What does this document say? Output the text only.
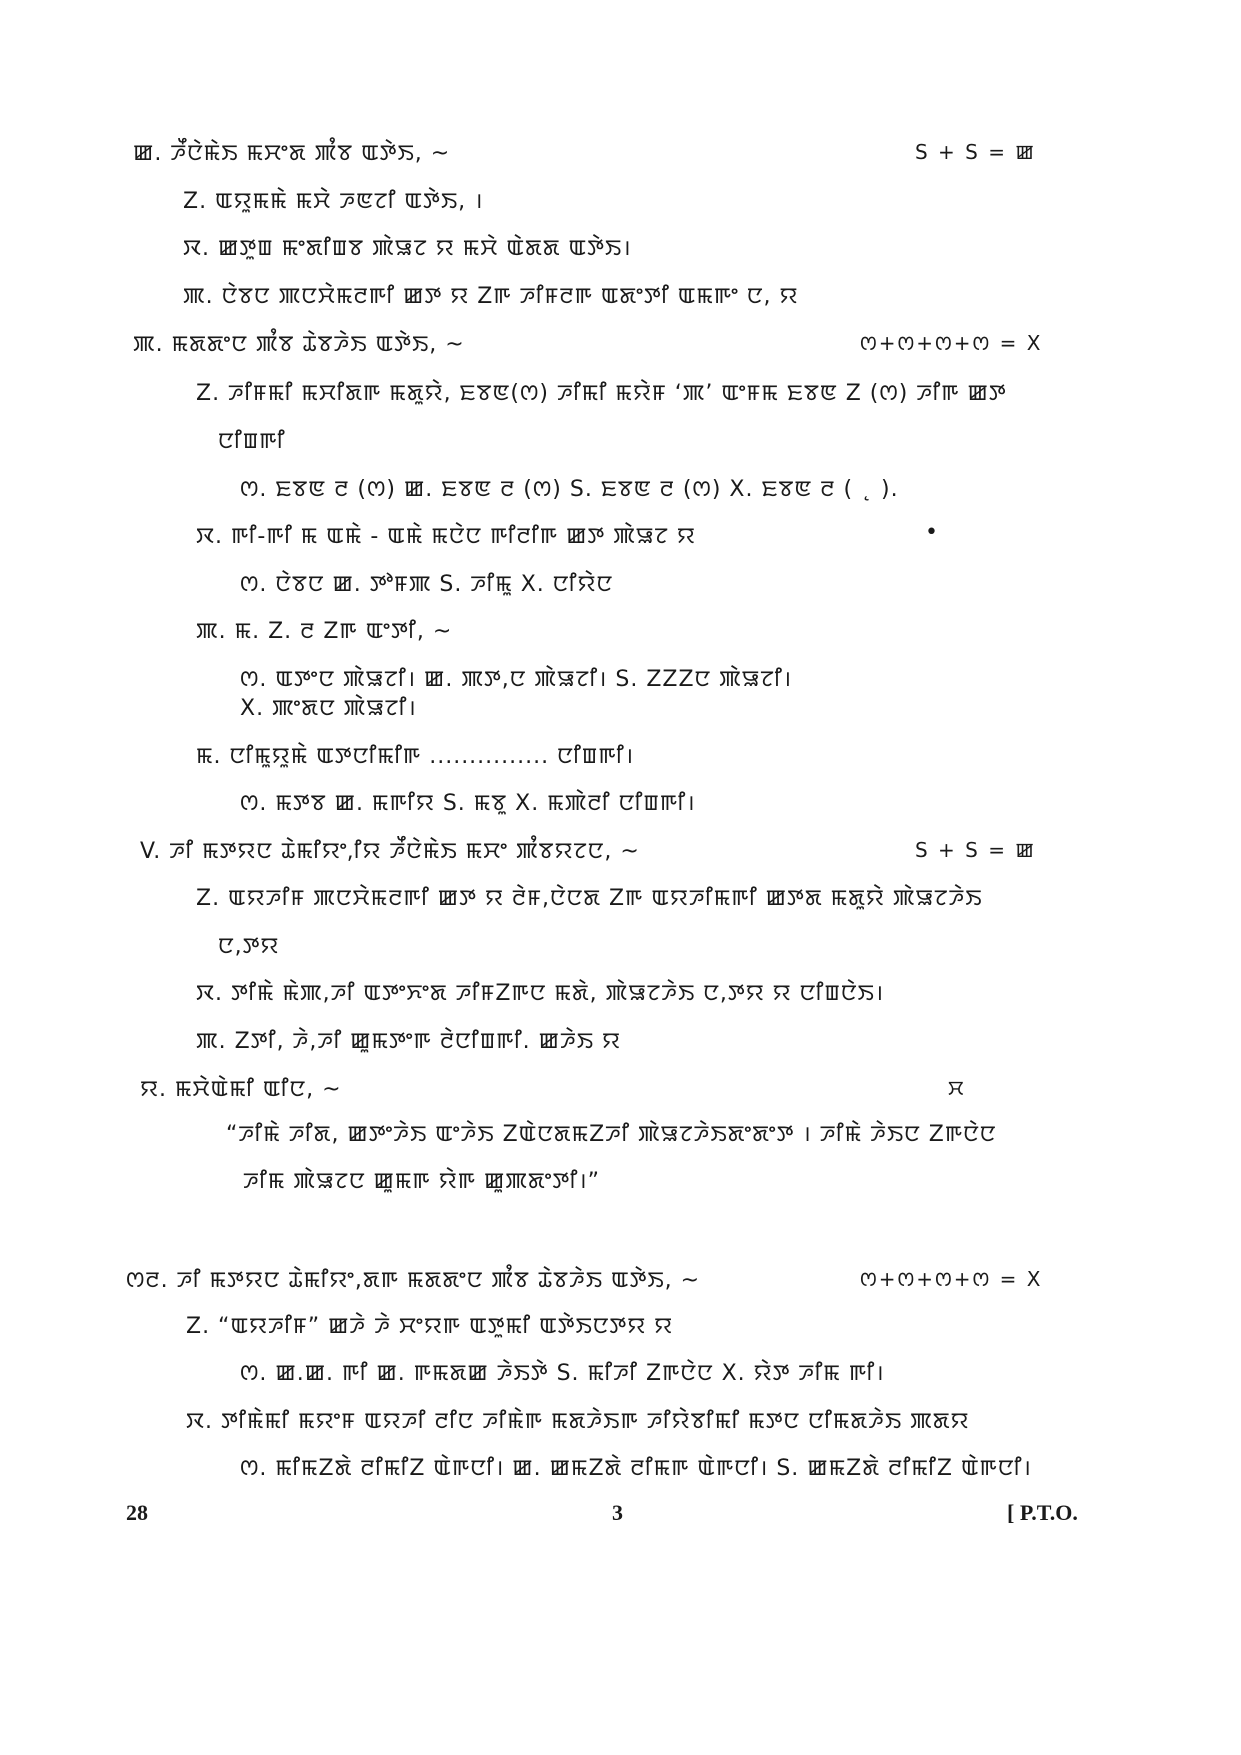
ꯀ. ꯍꯩꯅꯥꯃꯥꯏ ꯃꯆꯦꯗ ꯄꯪꯕ ꯑꯇꯥꯏ, ~	S + S = ꯀ
Z. ꯑꯌꯨꯃꯃꯥ ꯃꯆꯥ ꯍꯟꯖꯤ ꯑꯇꯥꯏ, ।
ꯋ. ꯀꯇꯨꯡ ꯃꯦꯗꯤꯡꯕ ꯄꯥꯎꯖ ꯌ ꯃꯆꯥ ꯑꯥꯗꯗ ꯑꯇꯥꯏ।
ꯄ. ꯅꯥꯕꯅ ꯄꯅꯆꯥꯃꯂꯒꯤ ꯀꯇ ꯌ Zꯒ ꯍꯤꯝꯂꯒ ꯑꯗꯦꯇꯤ ꯑꯃꯒꯦ ꯅ, ꯌ
ꯄ. ꯃꯗꯗꯦꯅ ꯄꯪꯕ ꯊꯥꯕꯍꯥꯏ ꯑꯇꯥꯏ, ~	ꯁ+ꯁ+ꯁ+ꯁ = X
Z. ꯍꯤꯝꯃꯤ ꯃꯆꯤꯗꯒ ꯃꯗꯨꯌꯥ, ꯐꯕꯟ(ꯁ) ꯍꯤꯃꯤ ꯃꯌꯥꯝ ‘ꯄ’ ꯑꯦꯝꯃ ꯐꯕꯟ Z (ꯁ) ꯍꯤꯒ ꯀꯇ
ꯅꯤꯡꯒꯤ
ꯁ. ꯐꯕꯟ ꯂ (ꯁ) ꯀ. ꯐꯕꯟ ꯂ (ꯁ) S. ꯐꯕꯟ ꯂ (ꯁ) X. ꯐꯕꯟ ꯂ ( ˛ ).
ꯋ. ꯒꯤ-ꯒꯤ ꯃ ꯑꯃꯥ - ꯑꯃꯥ ꯃꯅꯥꯅ ꯒꯤꯂꯤꯒ ꯀꯇ ꯄꯥꯎꯖ ꯌ	•
ꯁ. ꯅꯥꯕꯅ ꯀ. ꯇꯣꯝꯄ S. ꯍꯤꯃꯨ X. ꯅꯤꯌꯥꯅ
ꯄ. ꯃ. Z. ꯂ Zꯒ ꯑꯦꯇꯤ, ~
ꯁ. ꯑꯇꯦꯅ ꯄꯥꯎꯖꯤ। ꯀ. ꯄꯇ,ꯅ ꯄꯥꯎꯖꯤ। S. ZZZꯅ ꯄꯥꯎꯖꯤ।
X. ꯄꯦꯗꯅ ꯄꯥꯎꯖꯤ।
ꯃ. ꯅꯤꯃꯨꯌꯨꯃꯥ ꯑꯇꯅꯤꯃꯤꯒ ............... ꯅꯤꯡꯒꯤ।
ꯁ. ꯃꯇꯕ ꯀ. ꯃꯒꯤꯌ S. ꯃꯕꯨ X. ꯃꯄꯥꯂꯤ ꯅꯤꯡꯒꯤ।
V. ꯍꯤ ꯃꯇꯌꯅ ꯊꯥꯃꯤꯌꯦ,ꯤꯌ ꯍꯩꯅꯥꯃꯥꯏ ꯃꯆꯦ ꯄꯪꯕꯌꯖꯅ, ~	S + S = ꯀ
Z. ꯑꯌꯍꯤꯝ ꯄꯅꯆꯥꯃꯂꯒꯤ ꯀꯇ ꯌ ꯂꯥꯝ,ꯅꯥꯅꯗ Zꯒ ꯑꯌꯍꯤꯃꯒꯤ ꯀꯇꯗ ꯃꯗꯨꯌꯥ ꯄꯥꯎꯖꯍꯥꯏ
ꯅ,ꯇꯌ
ꯋ. ꯇꯤꯃꯥ ꯃꯥꯄ,ꯍꯤ ꯑꯇꯦꯈꯦꯗ ꯍꯤꯝZꯒꯅ ꯃꯗꯥ, ꯄꯥꯎꯖꯍꯥꯏ ꯅ,ꯇꯌ ꯌ ꯅꯤꯡꯅꯥꯏ।
ꯄ. Zꯇꯤ, ꯍꯥ,ꯍꯤ ꯀꯨꯃꯇꯦꯒ ꯂꯥꯅꯤꯡꯒꯤ. ꯀꯍꯥꯏ ꯌ
ꯌ. ꯃꯆꯥꯑꯥꯃꯤ ꯑꯤꯅ, ~	ꯆ
“ꯍꯤꯃꯥ ꯍꯤꯗ, ꯀꯇꯦꯍꯥꯏ ꯑꯦꯍꯥꯏ ZꯑꯥꯅꯗꯃZꯍꯤ ꯄꯥꯎꯖꯍꯥꯏꯗꯦꯗꯦꯇ । ꯍꯤꯃꯥ ꯍꯥꯏꯅ Zꯒꯅꯥꯅ
ꯍꯤꯃ ꯄꯥꯎꯖꯅ ꯀꯨꯃꯒ ꯌꯥꯒ ꯀꯨꯄꯗꯦꯇꯤ।”
ꯁꯂ. ꯍꯤ ꯃꯇꯌꯅ ꯊꯥꯃꯤꯌꯦ,ꯗꯒ ꯃꯗꯗꯦꯅ ꯄꯪꯕ ꯊꯥꯕꯍꯥꯏ ꯑꯇꯥꯏ, ~	ꯁ+ꯁ+ꯁ+ꯁ = X
Z. “ꯑꯌꯍꯤꯝ” ꯀꯍꯥ ꯍꯥ ꯆꯦꯌꯒ ꯑꯇꯨꯃꯤ ꯑꯇꯥꯏꯅꯇꯌ ꯌ
ꯁ. ꯀ.ꯀ. ꯒꯤ ꯀ. ꯒꯃꯗꯀ ꯍꯥꯏꯇꯥ S. ꯃꯤꯍꯤ Zꯒꯅꯥꯅ X. ꯌꯥꯇ ꯍꯤꯃ ꯒꯤ।
ꯋ. ꯇꯤꯃꯥꯃꯤ ꯃꯌꯦꯝ ꯑꯌꯍꯤ ꯂꯤꯅ ꯍꯤꯃꯥꯒ ꯃꯗꯍꯥꯏꯒ ꯍꯤꯌꯥꯕꯤꯃꯤ ꯃꯇꯅ ꯅꯤꯃꯗꯍꯥꯏ ꯄꯗꯌ
ꯁ. ꯃꯤꯃZꯗꯥ ꯂꯤꯃꯤZ ꯑꯥꯒꯅꯤ। ꯀ. ꯀꯃZꯗꯥ ꯂꯤꯃꯒ ꯑꯥꯒꯅꯤ। S. ꯀꯃZꯗꯥ ꯂꯤꯃꯤZ ꯑꯥꯒꯅꯤ।
28	3	[ P.T.O.
